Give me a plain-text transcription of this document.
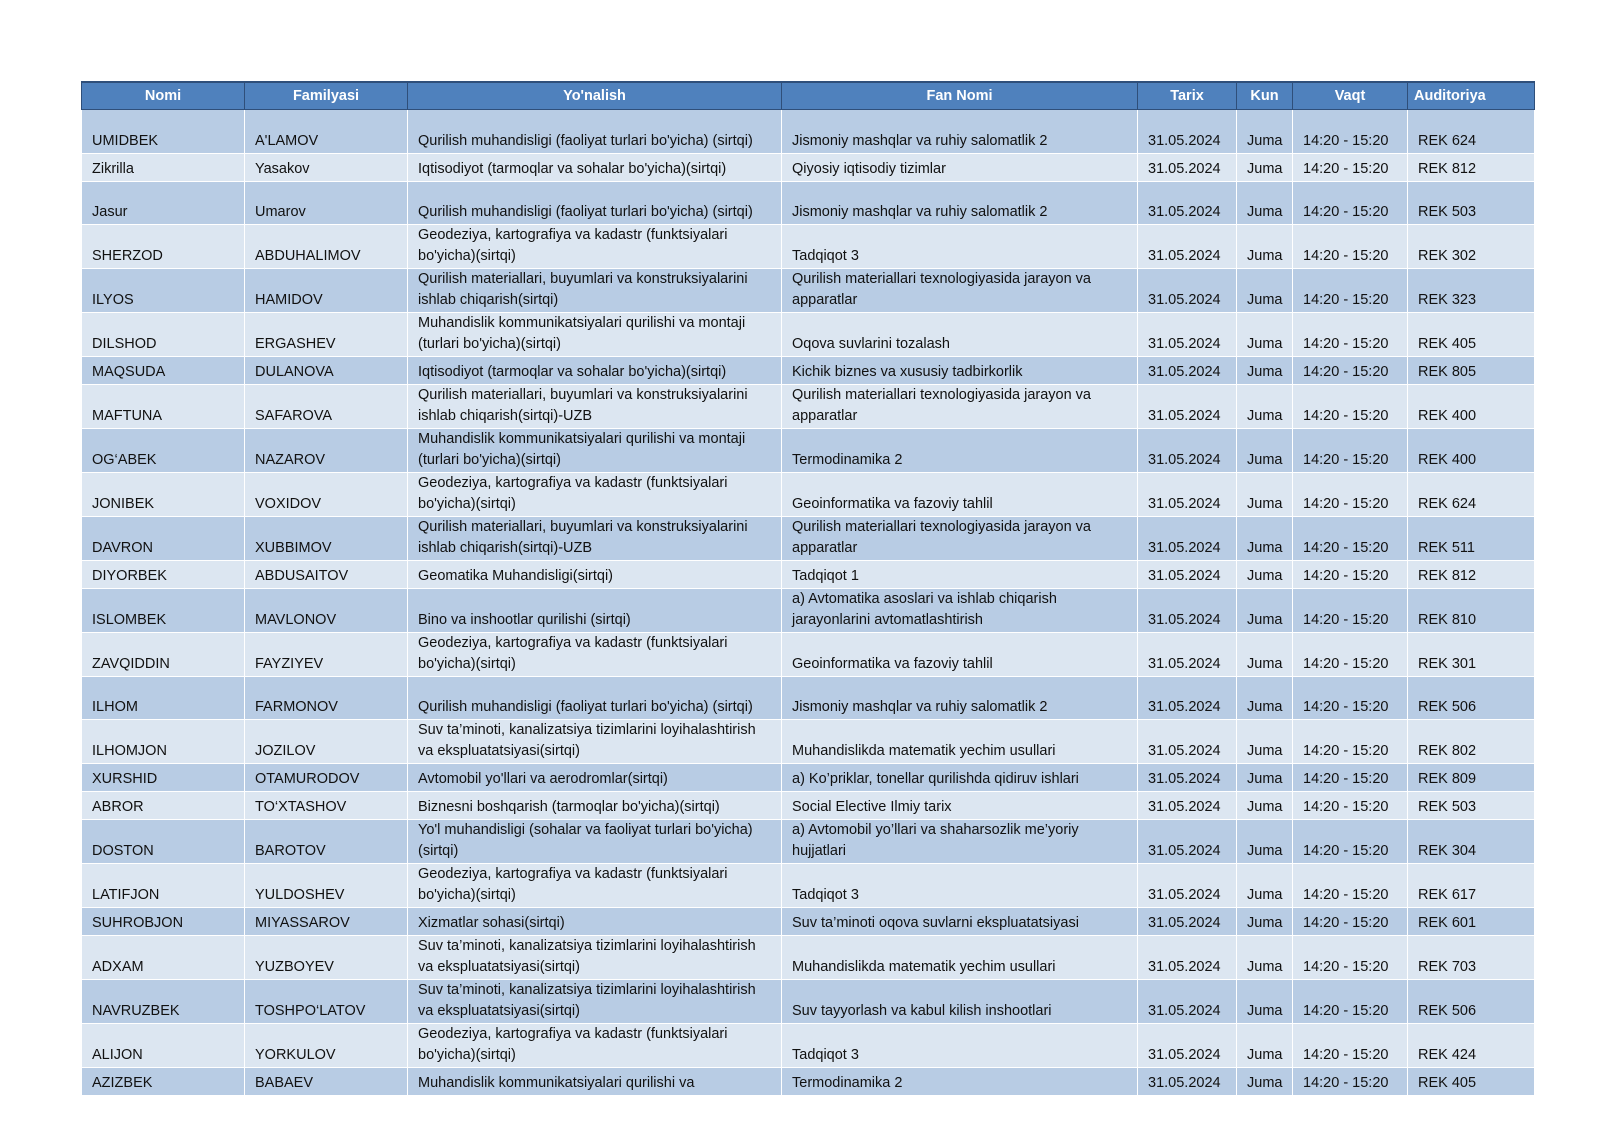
Nomi	Familyasi	Yo'nalish	Fan Nomi	Tarix	Kun	Vaqt	Auditoriya
UMIDBEK	A'LAMOV	Qurilish muhandisligi (faoliyat turlari bo'yicha) (sirtqi)	Jismoniy mashqlar va ruhiy salomatlik 2	31.05.2024	Juma	14:20 - 15:20	REK 624
Zikrilla	Yasakov	Iqtisodiyot (tarmoqlar va sohalar bo'yicha)(sirtqi)	Qiyosiy iqtisodiy tizimlar	31.05.2024	Juma	14:20 - 15:20	REK 812
Jasur	Umarov	Qurilish muhandisligi (faoliyat turlari bo'yicha) (sirtqi)	Jismoniy mashqlar va ruhiy salomatlik 2	31.05.2024	Juma	14:20 - 15:20	REK 503
SHERZOD	ABDUHALIMOV	Geodeziya, kartografiya va kadastr (funktsiyalari bo'yicha)(sirtqi)	Tadqiqot 3	31.05.2024	Juma	14:20 - 15:20	REK 302
ILYOS	HAMIDOV	Qurilish materiallari, buyumlari va konstruksiyalarini ishlab chiqarish(sirtqi)	Qurilish materiallari texnologiyasida jarayon va apparatlar	31.05.2024	Juma	14:20 - 15:20	REK 323
DILSHOD	ERGASHEV	Muhandislik kommunikatsiyalari qurilishi va montaji (turlari bo'yicha)(sirtqi)	Oqova suvlarini tozalash	31.05.2024	Juma	14:20 - 15:20	REK 405
MAQSUDA	DULANOVA	Iqtisodiyot (tarmoqlar va sohalar bo'yicha)(sirtqi)	Kichik biznes va xususiy tadbirkorlik	31.05.2024	Juma	14:20 - 15:20	REK 805
MAFTUNA	SAFAROVA	Qurilish materiallari, buyumlari va konstruksiyalarini ishlab chiqarish(sirtqi)-UZB	Qurilish materiallari texnologiyasida jarayon va apparatlar	31.05.2024	Juma	14:20 - 15:20	REK 400
OG‘ABEK	NAZAROV	Muhandislik kommunikatsiyalari qurilishi va montaji (turlari bo'yicha)(sirtqi)	Termodinamika 2	31.05.2024	Juma	14:20 - 15:20	REK 400
JONIBEK	VOXIDOV	Geodeziya, kartografiya va kadastr (funktsiyalari bo'yicha)(sirtqi)	Geoinformatika va fazoviy tahlil	31.05.2024	Juma	14:20 - 15:20	REK 624
DAVRON	XUBBIMOV	Qurilish materiallari, buyumlari va konstruksiyalarini ishlab chiqarish(sirtqi)-UZB	Qurilish materiallari texnologiyasida jarayon va apparatlar	31.05.2024	Juma	14:20 - 15:20	REK 511
DIYORBEK	ABDUSAITOV	Geomatika Muhandisligi(sirtqi)	Tadqiqot 1	31.05.2024	Juma	14:20 - 15:20	REK 812
ISLOMBEK	MAVLONOV	Bino va inshootlar qurilishi (sirtqi)	a) Avtomatika asoslari va ishlab chiqarish jarayonlarini avtomatlashtirish	31.05.2024	Juma	14:20 - 15:20	REK 810
ZAVQIDDIN	FAYZIYEV	Geodeziya, kartografiya va kadastr (funktsiyalari bo'yicha)(sirtqi)	Geoinformatika va fazoviy tahlil	31.05.2024	Juma	14:20 - 15:20	REK 301
ILHOM	FARMONOV	Qurilish muhandisligi (faoliyat turlari bo'yicha) (sirtqi)	Jismoniy mashqlar va ruhiy salomatlik 2	31.05.2024	Juma	14:20 - 15:20	REK 506
ILHOMJON	JOZILOV	Suv ta’minoti, kanalizatsiya tizimlarini loyihalashtirish va ekspluatatsiyasi(sirtqi)	Muhandislikda matematik yechim usullari	31.05.2024	Juma	14:20 - 15:20	REK 802
XURSHID	OTAMURODOV	Avtomobil yo'llari va aerodromlar(sirtqi)	a) Ko’priklar, tonellar qurilishda qidiruv ishlari	31.05.2024	Juma	14:20 - 15:20	REK 809
ABROR	TO‘XTASHOV	Biznesni boshqarish (tarmoqlar bo'yicha)(sirtqi)	Social Elective Ilmiy tarix	31.05.2024	Juma	14:20 - 15:20	REK 503
DOSTON	BAROTOV	Yo'l muhandisligi (sohalar va faoliyat turlari bo'yicha)(sirtqi)	a) Avtomobil yo’llari va shaharsozlik me’yoriy hujjatlari	31.05.2024	Juma	14:20 - 15:20	REK 304
LATIFJON	YULDOSHEV	Geodeziya, kartografiya va kadastr (funktsiyalari bo'yicha)(sirtqi)	Tadqiqot 3	31.05.2024	Juma	14:20 - 15:20	REK 617
SUHROBJON	MIYASSAROV	Xizmatlar sohasi(sirtqi)	Suv ta’minoti oqova suvlarni ekspluatatsiyasi	31.05.2024	Juma	14:20 - 15:20	REK 601
ADXAM	YUZBOYEV	Suv ta’minoti, kanalizatsiya tizimlarini loyihalashtirish va ekspluatatsiyasi(sirtqi)	Muhandislikda matematik yechim usullari	31.05.2024	Juma	14:20 - 15:20	REK 703
NAVRUZBEK	TOSHPO‘LATOV	Suv ta’minoti, kanalizatsiya tizimlarini loyihalashtirish va ekspluatatsiyasi(sirtqi)	Suv tayyorlash va kabul kilish inshootlari	31.05.2024	Juma	14:20 - 15:20	REK 506
ALIJON	YORKULOV	Geodeziya, kartografiya va kadastr (funktsiyalari bo'yicha)(sirtqi)	Tadqiqot 3	31.05.2024	Juma	14:20 - 15:20	REK 424
AZIZBEK	BABAEV	Muhandislik kommunikatsiyalari qurilishi va	Termodinamika 2	31.05.2024	Juma	14:20 - 15:20	REK 405
